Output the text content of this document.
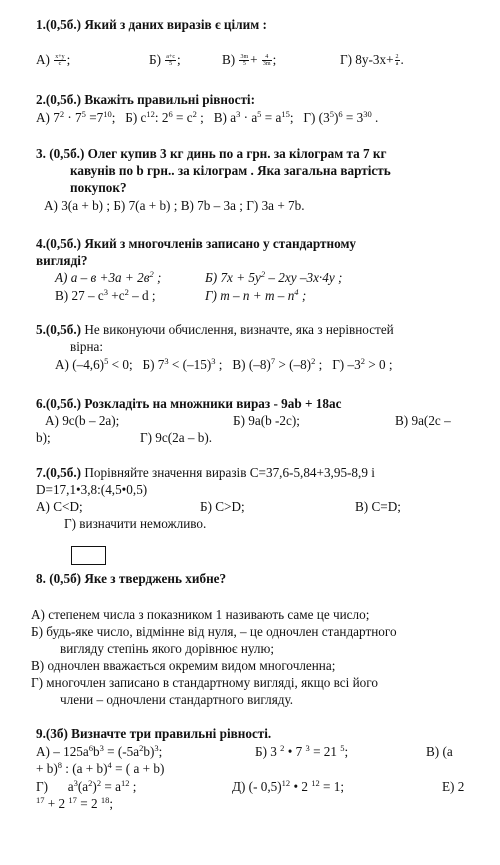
1.(0,5б.) Який з даних виразів є цілим :
$А) \frac{x+y}{c}$ ;	$Б) \frac{a+c}{5}$ ;	$В) \frac{3m}{5} + \frac{4}{3m}$ ;	Г) $8y-3x+ \frac{2}{a}$ .
2.(0,5б.) Вкажіть правильні рівності:
А) $7^2 \cdot 7^5 =7^{10}$;   Б) $с^{12}$: $2^6 = с^2$ ;   В) $а^3 \cdot а^5 = а^{15}$;   Г) $(3^5)^6 = 3^{30}$ .
3. (0,5б.) Олег купив 3 кг динь по а грн. за кілограм та 7 кг
кавунів по b грн.. за кілограм . Яка загальна вартість
покупок?
А) 3(а + b) ; Б) 7(а + b) ; В) 7b – 3а ; Г) 3а + 7b.
4.(0,5б.) Який з многочленів записано у стандартному
вигляді?
А) $а - в +3а + 2в^2$ ;	Б) $7x + 5y^2 - 2xy$ –3x·4y ;
В) $27 - с^3 +c^2 - d$ ;	Г) $m - n + m - n^4$ ;
5.(0,5б.) Не виконуючи обчислення, визначте, яка з нерівностей
вірна:
А) $(-4,6)^5 < 0$; Б) $7^3 < (-15)^3$ ; В) $(-8)^7 > (-8)^2$ ; Г) $-3^2 > 0$ ;
6.(0,5б.) Розкладіть на множники вираз - 9ab + 18ac
А) 9с(b – 2а);	Б) 9а(b -2c);	В) 9а(2с –
b);	Г) 9с(2а – b).
7.(0,5б.) Порівняйте значення виразів С=37,6-5,84+3,95-8,9 і
D=17,1•3,8:(4,5•0,5)
А) C<D;	Б) C>D;	В) C=D;
Г) визначити неможливо.
8. (0,5б) Яке з тверджень хибне?
А) степенем числа з показником 1 називають саме це число;
Б) будь-яке число, відмінне від нуля, – це одночлен стандартного
вигляду степінь якого дорівнює нулю;
В) одночлен вважається окремим видом многочленна;
Г) многочлен записано в стандартному вигляді, якщо всі його
члени – одночлени стандартного вигляду.
9.(3б) Визначте три правильні рівності.
$А) - 125а^6b^3 = (-5а^2b)^3$;	Б) 3 $^2$ • 7 $^3$ = 21 $^5$;	В) (а
+ b)$^8$ : $(а + b)^4$ = ( а + b)
Г) $а^3(а^2)^2 = а^{12}$ ;	Д) (- 0,5)$^{12}$ • 2 $^{12}$ = 1;	Е) 2
$^{17}$ + 2 $^{17}$ = 2 $^{18}$;
